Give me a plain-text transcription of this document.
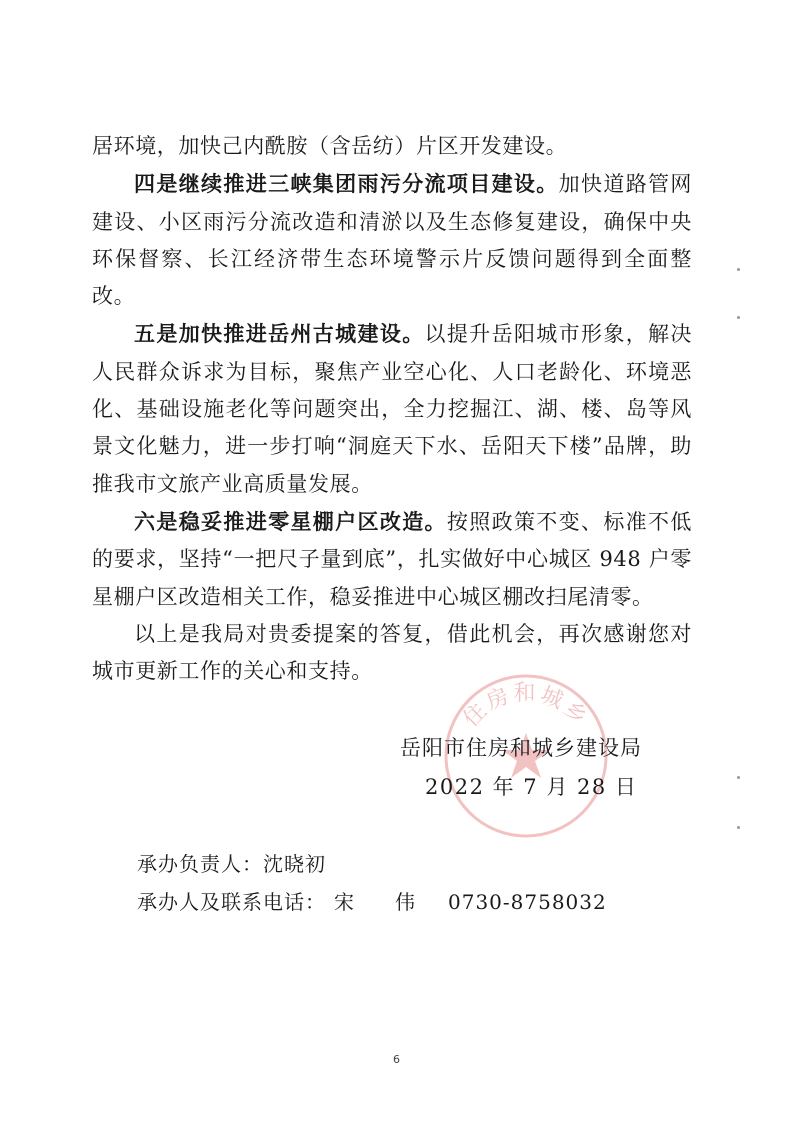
住房和城乡

居环境，加快己内酰胺（含岳纺）片区开发建设。

四是继续推进三峡集团雨污分流项目建设。加快道路管网建设、小区雨污分流改造和清淤以及生态修复建设，确保中央环保督察、长江经济带生态环境警示片反馈问题得到全面整改。

五是加快推进岳州古城建设。以提升岳阳城市形象，解决人民群众诉求为目标，聚焦产业空心化、人口老龄化、环境恶化、基础设施老化等问题突出，全力挖掘江、湖、楼、岛等风景文化魅力，进一步打响“洞庭天下水、岳阳天下楼”品牌，助推我市文旅产业高质量发展。

六是稳妥推进零星棚户区改造。按照政策不变、标准不低的要求，坚持“一把尺子量到底”，扎实做好中心城区 948 户零星棚户区改造相关工作，稳妥推进中心城区棚改扫尾清零。

以上是我局对贵委提案的答复，借此机会，再次感谢您对城市更新工作的关心和支持。

岳阳市住房和城乡建设局
2022 年 7 月 28 日
承办负责人：沈晓初
承办人及联系电话： 宋 伟 0730-8758032
6
